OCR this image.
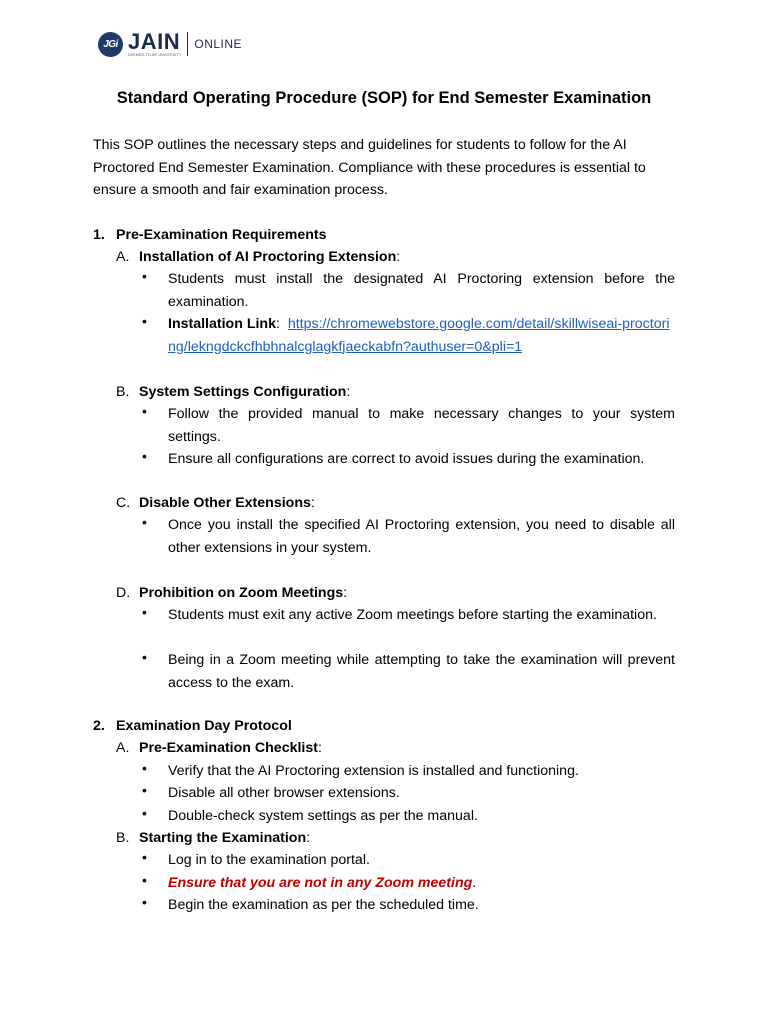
JGi JAIN
DEEMED-TO-BE UNIVERSITY
ONLINE
Standard Operating Procedure (SOP) for End Semester Examination
This SOP outlines the necessary steps and guidelines for students to follow for the AI Proctored End Semester Examination. Compliance with these procedures is essential to ensure a smooth and fair examination process.
1. Pre-Examination Requirements
A. Installation of AI Proctoring Extension:
• Students must install the designated AI Proctoring extension before the examination.
• Installation Link:  https://chromewebstore.google.com/detail/skillwiseai-proctoring/lekngdckcfhbhnalcglagkfjaeckabfn?authuser=0&pli=1
B. System Settings Configuration:
• Follow the provided manual to make necessary changes to your system settings.
• Ensure all configurations are correct to avoid issues during the examination.
C. Disable Other Extensions:
• Once you install the specified AI Proctoring extension, you need to disable all other extensions in your system.
D. Prohibition on Zoom Meetings:
• Students must exit any active Zoom meetings before starting the examination.
• Being in a Zoom meeting while attempting to take the examination will prevent access to the exam.
2. Examination Day Protocol
A. Pre-Examination Checklist:
• Verify that the AI Proctoring extension is installed and functioning.
• Disable all other browser extensions.
• Double-check system settings as per the manual.
B. Starting the Examination:
• Log in to the examination portal.
• Ensure that you are not in any Zoom meeting.
• Begin the examination as per the scheduled time.
